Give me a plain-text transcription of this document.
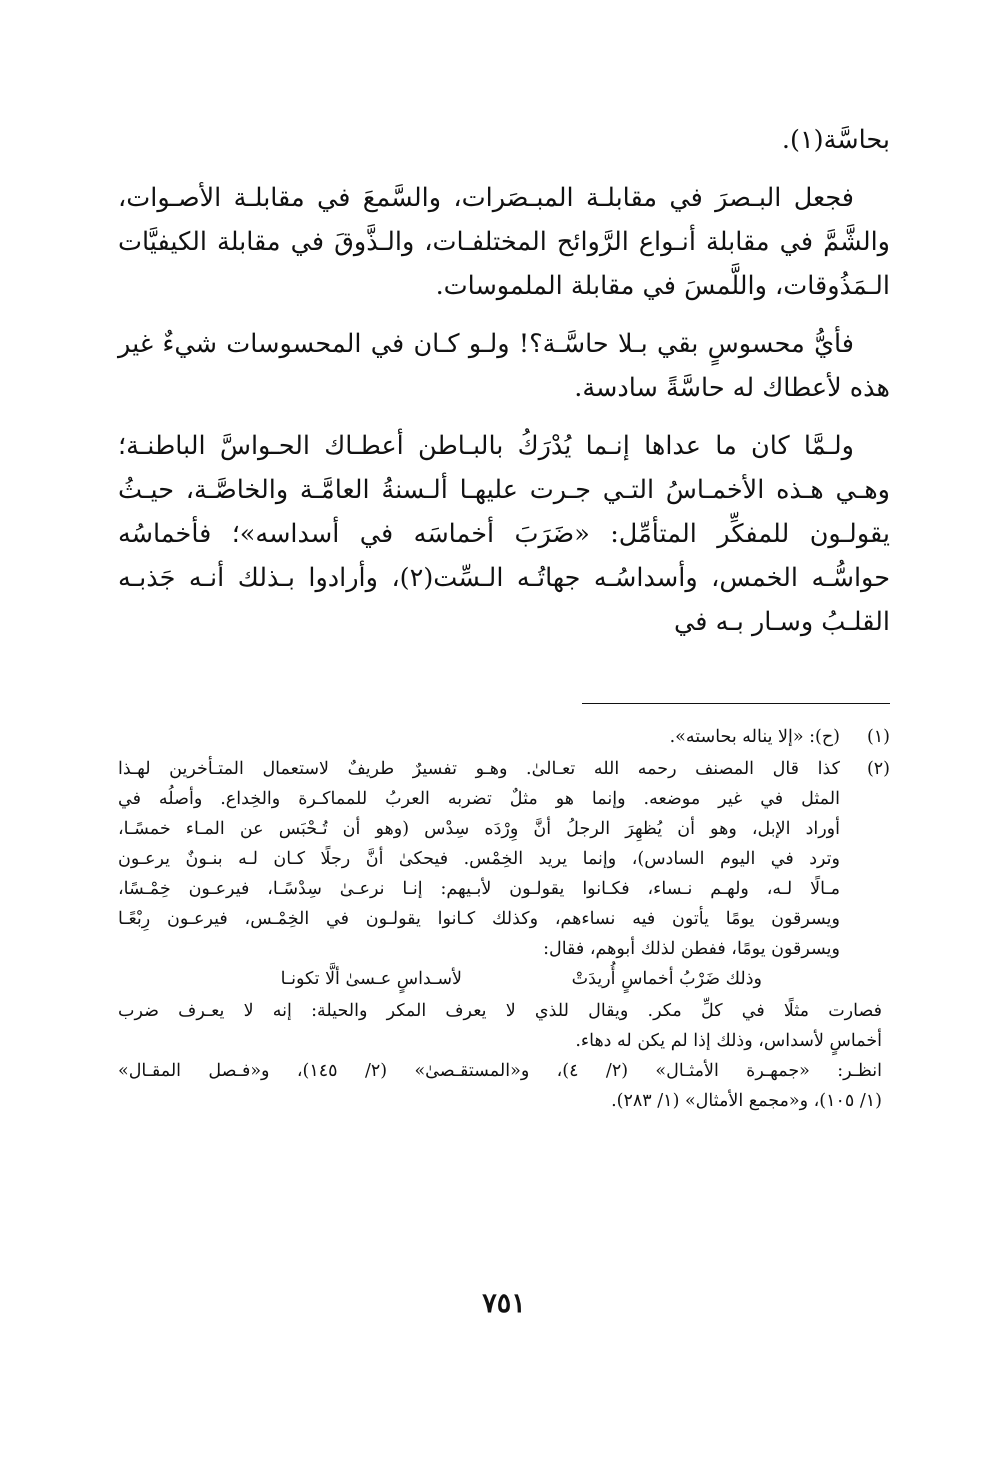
بحاسَّة(١).

فجعل البـصرَ في مقابلـة المبـصَرات، والسَّمعَ في مقابلـة الأصـوات، والشَّمَّ في مقابلة أنـواع الرَّوائح المختلفـات، والـذَّوقَ في مقابلة الكيفيَّات الـمَذُوقات، واللَّمسَ في مقابلة الملموسات.

فأيُّ محسوسٍ بقي بـلا حاسَّـة؟! ولـو كـان في المحسوسات شيءٌ غير هذه لأعطاك له حاسَّةً سادسة.

ولـمَّا كان ما عداها إنـما يُدْرَكُ بالبـاطن أعطـاك الحـواسَّ الباطنـة؛ وهـي هـذه الأخمـاسُ التـي جـرت عليهـا ألـسنةُ العامَّـة والخاصَّـة، حيـثُ يقولـون للمفكِّر المتأمِّل: «ضَرَبَ أخماسَه في أسداسه»؛ فأخماسُه حواسُّـه الخمس، وأسداسُـه جهاتُـه الـسِّت(٢)، وأرادوا بـذلك أنـه جَذبـه القلـبُ وسـار بـه في

(١)
(ح): «إلا يناله بحاسته».
(٢)
كذا قال المصنف رحمه الله تعـالىٰ. وهـو تفسيرٌ طريفٌ لاستعمال المتـأخرين لهـذا
المثل في غير موضعه. وإنما هو مثلٌ تضربه العربُ للمماكـرة والخِداع. وأصلُه في
أوراد الإبل، وهو أن يُظهِرَ الرجلُ أنَّ وِرْدَه سِدْس (وهو أن تُـحْبَس عن المـاء خمسًـا،
وترد في اليوم السادس)، وإنما يريد الخِمْس. فيحكىٰ أنَّ رجلًا كـان لـه بنـونٌ يرعـون
مـالًا لـه، ولهـم نـساء، فكـانوا يقولـون لأبـيهم: إنـا نرعـىٰ سِدْسًـا، فيرعـون خِمْـسًا،
ويسرقون يومًا يأتون فيه نساءهم، وكذلك كـانوا يقولـون في الخِمْـس، فيرعـون رِبْعًـا
ويسرقون يومًا، ففطن لذلك أبوهم، فقال:
وذلك ضَرْبُ أخماسٍ أُريدَتْ
لأسـداسٍ عـسىٰ ألَّا تكونـا
فصارت مثلًا في كلِّ مكر. ويقال للذي لا يعرف المكر والحيلة: إنه لا يعـرف ضرب
أخماسٍ لأسداس، وذلك إذا لم يكن له دهاء.
انظـر: «جمهـرة الأمثـال» (٢/ ٤)، و«المستقـصىٰ» (٢/ ١٤٥)، و«فـصل المقـال»
(١/ ١٠٥)، و«مجمع الأمثال» (١/ ٢٨٣).
٧٥١
